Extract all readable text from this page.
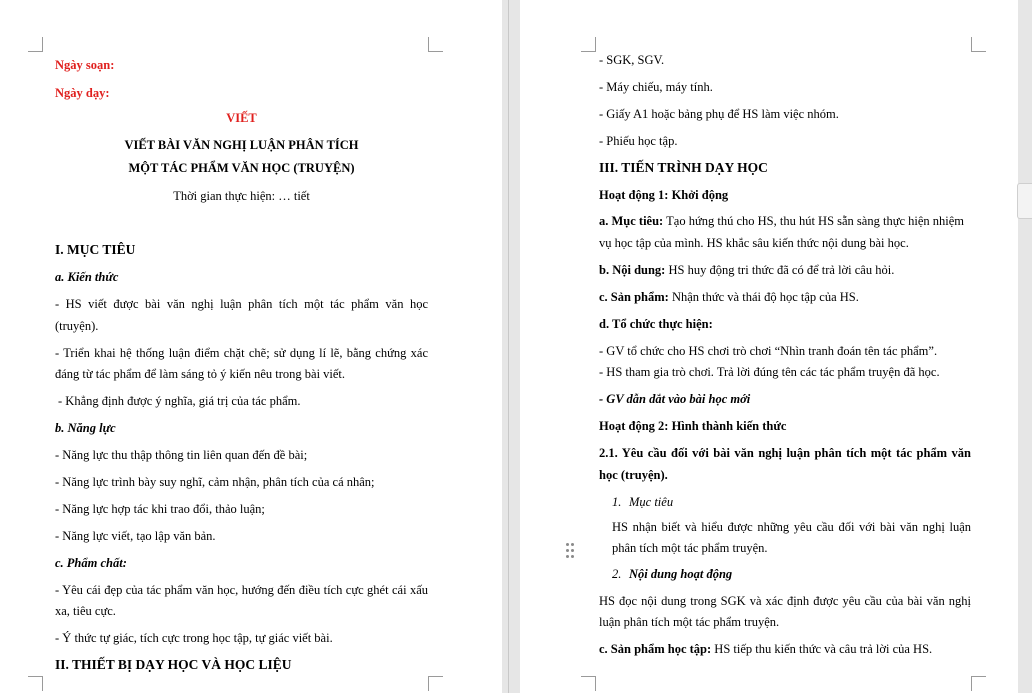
Ngày soạn:
Ngày dạy:
VIẾT
VIẾT BÀI VĂN NGHỊ LUẬN PHÂN TÍCH
MỘT TÁC PHẨM VĂN HỌC (TRUYỆN)
Thời gian thực hiện: … tiết
I. MỤC TIÊU
a. Kiến thức
- HS viết được bài văn nghị luận phân tích một tác phẩm văn học
(truyện).
- Triển khai hệ thống luận điểm chặt chẽ; sử dụng lí lẽ, bằng chứng xác
đáng từ tác phẩm để làm sáng tỏ ý kiến nêu trong bài viết.
- Khẳng định được ý nghĩa, giá trị của tác phẩm.
b. Năng lực
- Năng lực thu thập thông tin liên quan đến đề bài;
- Năng lực trình bày suy nghĩ, cảm nhận, phân tích của cá nhân;
- Năng lực hợp tác khi trao đổi, thảo luận;
- Năng lực viết, tạo lập văn bản.
c. Phẩm chất:
- Yêu cái đẹp của tác phẩm văn học, hướng đến điều tích cực ghét cái xấu
xa, tiêu cực.
- Ý thức tự giác, tích cực trong học tập, tự giác viết bài.
II. THIẾT BỊ DẠY HỌC VÀ HỌC LIỆU
- SGK, SGV.
- Máy chiếu, máy tính.
- Giấy A1 hoặc bảng phụ để HS làm việc nhóm.
- Phiếu học tập.
III. TIẾN TRÌNH DẠY HỌC
Hoạt động 1: Khởi động
a. Mục tiêu: Tạo hứng thú cho HS, thu hút HS sẵn sàng thực hiện nhiệm
vụ học tập của mình. HS khắc sâu kiến thức nội dung bài học.
b. Nội dung: HS huy động tri thức đã có để trả lời câu hỏi.
c. Sản phẩm: Nhận thức và thái độ học tập của HS.
d. Tổ chức thực hiện:
- GV tổ chức cho HS chơi trò chơi “Nhìn tranh đoán tên tác phẩm”.
- HS tham gia trò chơi. Trả lời đúng tên các tác phẩm truyện đã học.
- GV dẫn dắt vào bài học mới
Hoạt động 2: Hình thành kiến thức
2.1. Yêu cầu đối với bài văn nghị luận phân tích một tác phẩm văn
học (truyện).
1. Mục tiêu
HS nhận biết và hiểu được những yêu cầu đối với bài văn nghị luận
phân tích một tác phẩm truyện.
2. Nội dung hoạt động
HS đọc nội dung trong SGK và xác định được yêu cầu của bài văn nghị
luận phân tích một tác phẩm truyện.
c. Sản phẩm học tập: HS tiếp thu kiến thức và câu trả lời của HS.
